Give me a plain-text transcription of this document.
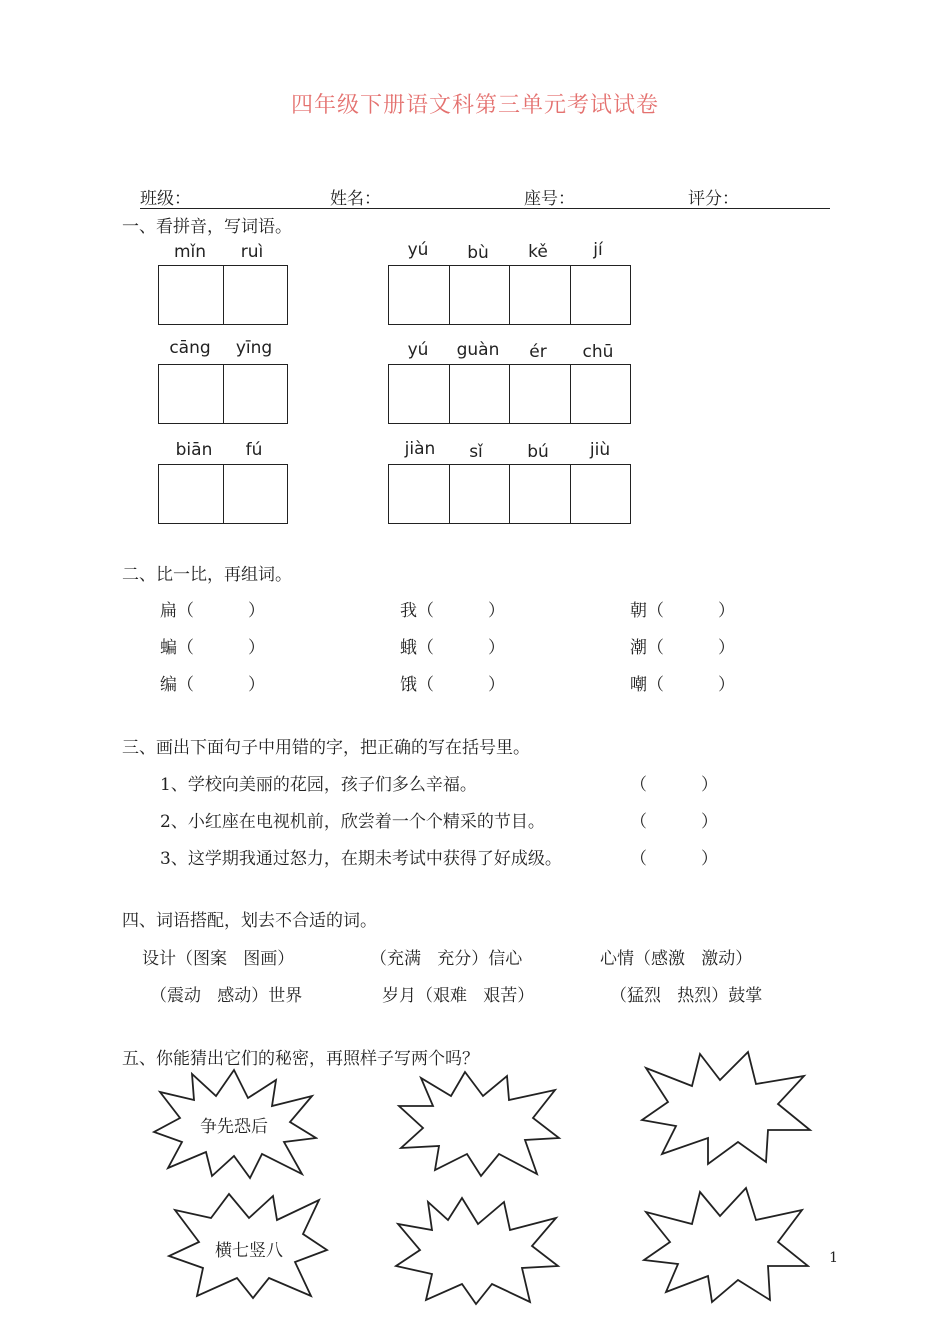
四年级下册语文科第三单元考试试卷
班级：	姓名：	座号：	评分：
一、看拼音，写词语。
mǐn	ruì	yú	bù	kě	jí
cāng	yīng	yú	guàn	ér	chū
biān	fú	jiàn	sǐ	bú	jiù
二、比一比，再组词。
扁（          ）	我（          ）	朝（          ）
蝙（          ）	蛾（          ）	潮（          ）
编（          ）	饿（          ）	嘲（          ）
三、画出下面句子中用错的字，把正确的写在括号里。
1、学校向美丽的花园，孩子们多么辛福。	（          ）
2、小红座在电视机前，欣尝着一个个精采的节目。	（          ）
3、这学期我通过怒力，在期未考试中获得了好成级。	（          ）
四、词语搭配，划去不合适的词。
设计（图案   图画）	（充满   充分）信心	心情（感激   激动）
（震动   感动）世界	岁月（艰难   艰苦）	（猛烈   热烈）鼓掌
五、你能猜出它们的秘密，再照样子写两个吗？
争先恐后
横七竖八	1
